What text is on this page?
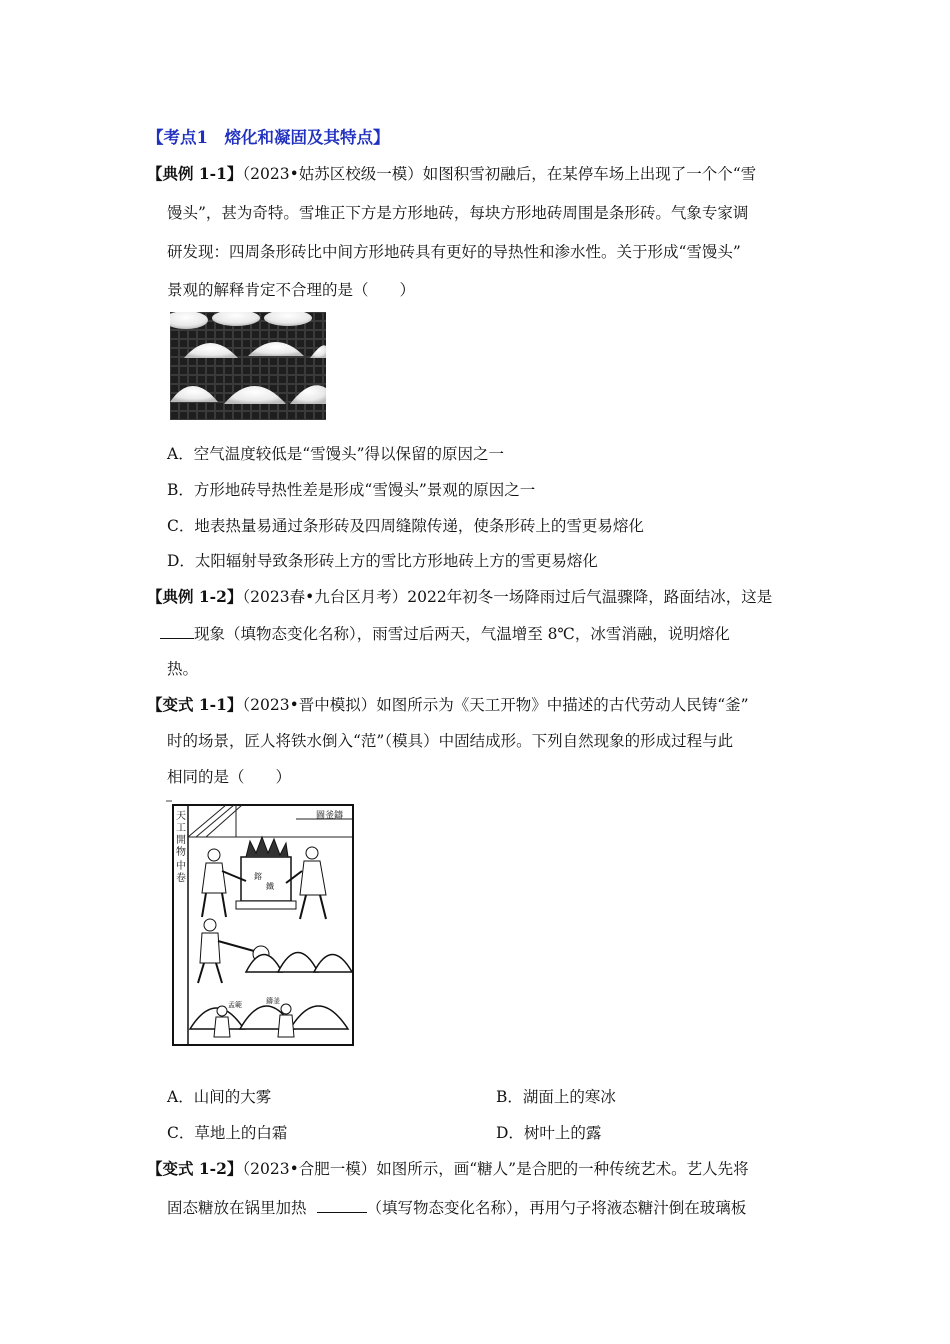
【考点1　熔化和凝固及其特点】
【典例 1-1】（2023•姑苏区校级一模）如图积雪初融后，在某停车场上出现了一个个“雪
馒头”，甚为奇特。雪堆正下方是方形地砖，每块方形地砖周围是条形砖。气象专家调
研发现：四周条形砖比中间方形地砖具有更好的导热性和渗水性。关于形成“雪馒头”
景观的解释肯定不合理的是（　　）
A．空气温度较低是“雪馒头”得以保留的原因之一
B．方形地砖导热性差是形成“雪馒头”景观的原因之一
C．地表热量易通过条形砖及四周缝隙传递，使条形砖上的雪更易熔化
D．太阳辐射导致条形砖上方的雪比方形地砖上方的雪更易熔化
【典例 1-2】（2023春•九台区月考）2022年初冬一场降雨过后气温骤降，路面结冰，这是
现象（填物态变化名称），雨雪过后两天，气温增至 8℃，冰雪消融，说明熔化
热。
【变式 1-1】（2023•晋中模拟）如图所示为《天工开物》中描述的古代劳动人民铸“釜”
时的场景，匠人将铁水倒入“范”（模具）中固结成形。下列自然现象的形成过程与此
相同的是（　　）
天工開物中卷
圖釜鑄
鎔
鐵
孟範	鑄釜
A．山间的大雾	B．湖面上的寒冰
C．草地上的白霜	D．树叶上的露
【变式 1-2】（2023•合肥一模）如图所示，画“糖人”是合肥的一种传统艺术。艺人先将
固态糖放在锅里加热	（填写物态变化名称），再用勺子将液态糖汁倒在玻璃板
